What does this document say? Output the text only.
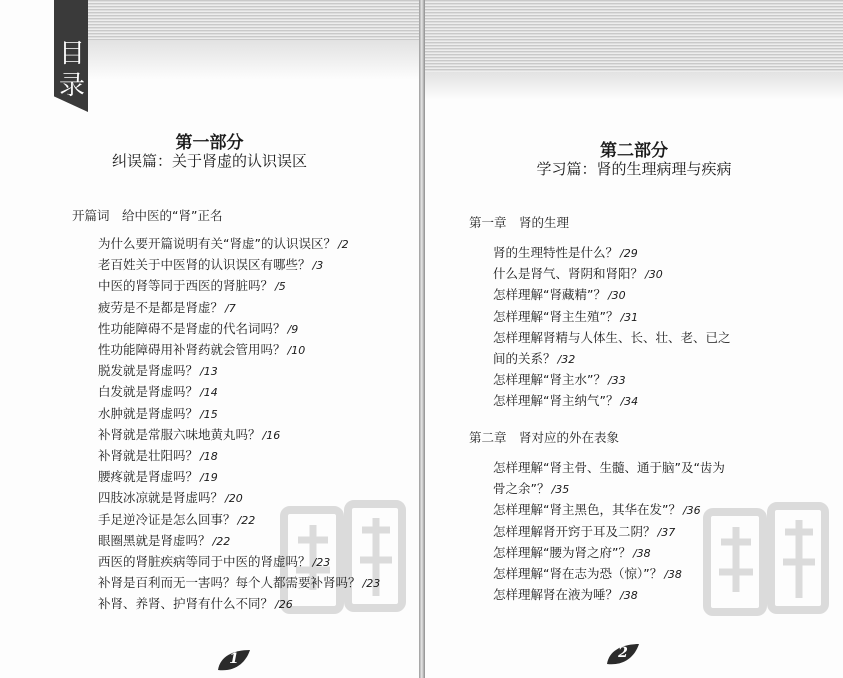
目
录
第一部分
纠误篇：关于肾虚的认识误区
开篇词　给中医的“肾”正名
为什么要开篇说明有关“肾虚”的认识误区？ /2
老百姓关于中医肾的认识误区有哪些？ /3
中医的肾等同于西医的肾脏吗？ /5
疲劳是不是都是肾虚？ /7
性功能障碍不是肾虚的代名词吗？ /9
性功能障碍用补肾药就会管用吗？ /10
脱发就是肾虚吗？ /13
白发就是肾虚吗？ /14
水肿就是肾虚吗？ /15
补肾就是常服六味地黄丸吗？ /16
补肾就是壮阳吗？ /18
腰疼就是肾虚吗？ /19
四肢冰凉就是肾虚吗？ /20
手足逆冷证是怎么回事？ /22
眼圈黑就是肾虚吗？ /22
西医的肾脏疾病等同于中医的肾虚吗？ /23
补肾是百利而无一害吗？每个人都需要补肾吗？ /23
补肾、养肾、护肾有什么不同？ /26
1
第二部分
学习篇：肾的生理病理与疾病
第一章　肾的生理
肾的生理特性是什么？ /29
什么是肾气、肾阴和肾阳？ /30
怎样理解“肾藏精”？ /30
怎样理解“肾主生殖”？ /31
怎样理解肾精与人体生、长、壮、老、已之
间的关系？ /32
怎样理解“肾主水”？ /33
怎样理解“肾主纳气”？ /34
第二章　肾对应的外在表象
怎样理解“肾主骨、生髓、通于脑”及“齿为
骨之余”？ /35
怎样理解“肾主黑色，其华在发”？ /36
怎样理解肾开窍于耳及二阴？ /37
怎样理解“腰为肾之府”？ /38
怎样理解“肾在志为恐（惊）”？ /38
怎样理解肾在液为唾？ /38
2
